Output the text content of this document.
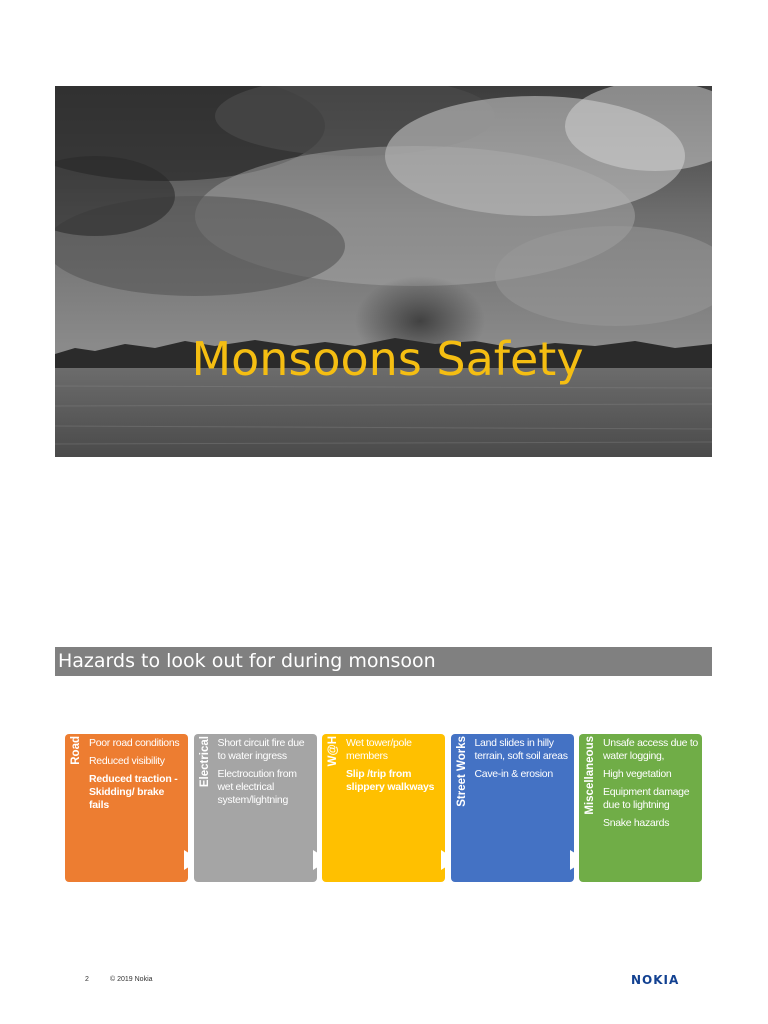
Monsoons Safety
Hazards to look out for during monsoon
Road Poor road conditions
Reduced visibility
Reduced traction - Skidding/ brake fails
Electrical Short circuit fire due to water ingress
Electrocution from wet electrical system/lightning
W@H Wet tower/pole members
Slip /trip from slippery walkways	Street Works Land slides in hilly terrain, soft soil areas
Cave-in & erosion	Miscellaneous Unsafe access due to water logging,
High vegetation
Equipment damage due to lightning
Snake hazards
2	© 2019 Nokia	NOKIA
